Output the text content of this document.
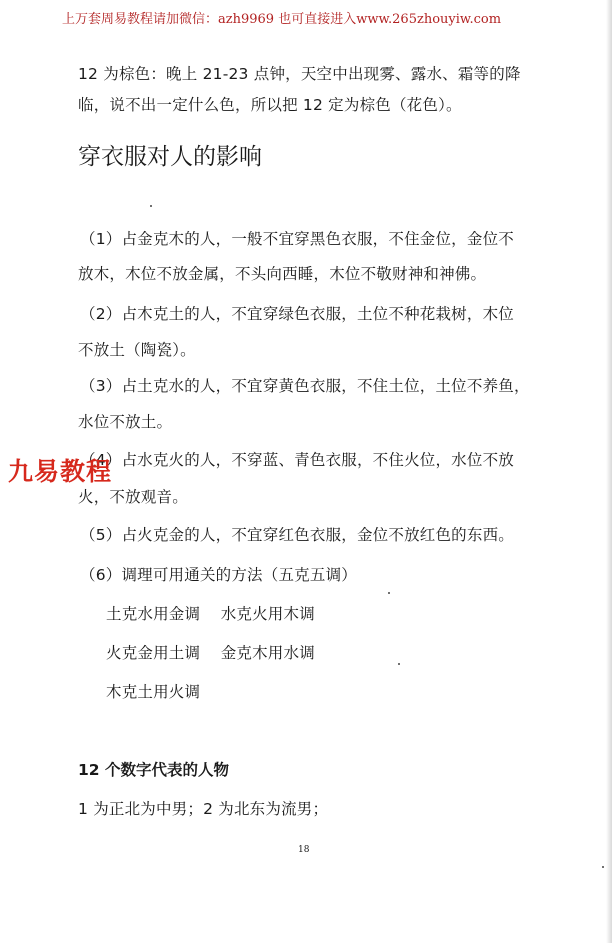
上万套周易教程请加微信：azh9969 也可直接进入www.265zhouyiw.com
12 为棕色：晚上 21-23 点钟，天空中出现雾、露水、霜等的降
临，说不出一定什么色，所以把 12 定为棕色（花色）。
穿衣服对人的影响
（1）占金克木的人，一般不宜穿黑色衣服，不住金位，金位不
放木，木位不放金属，不头向西睡，木位不敬财神和神佛。
（2）占木克土的人，不宜穿绿色衣服，土位不种花栽树，木位
不放土（陶瓷）。
（3）占土克水的人，不宜穿黄色衣服，不住土位，土位不养鱼，
水位不放土。
（4）占水克火的人，不穿蓝、青色衣服，不住火位，水位不放
火，不放观音。
（5）占火克金的人，不宜穿红色衣服，金位不放红色的东西。
（6）调理可用通关的方法（五克五调）
土克水用金调    水克火用木调
火克金用土调    金克木用水调
木克土用火调
12 个数字代表的人物
1 为正北为中男；2 为北东为流男；
18
九易教程
